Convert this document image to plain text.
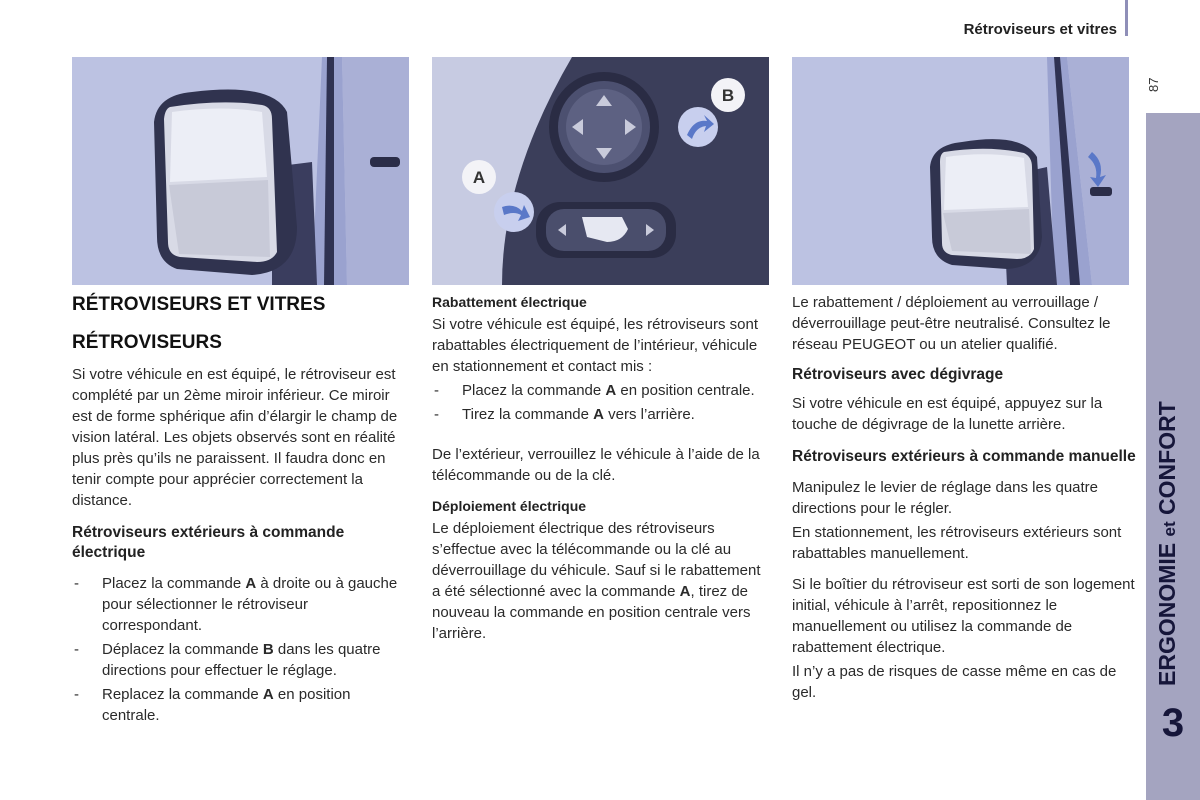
Rétroviseurs et vitres
87
ERGONOMIE et CONFORT
3
B
A
RÉTROVISEURS ET VITRES
RÉTROVISEURS

Si votre véhicule en est équipé, le rétroviseur est complété par un 2ème miroir inférieur. Ce miroir est de forme sphérique afin d’élargir le champ de vision latéral. Les objets observés sont en réalité plus près qu’ils ne paraissent. Il faudra donc en tenir compte pour apprécier correctement la distance.

Rétroviseurs extérieurs à commande électrique
- Placez la commande A à droite ou à gauche pour sélectionner le rétroviseur correspondant.
- Déplacez la commande B dans les quatre directions pour effectuer le réglage.
- Replacez la commande A en position centrale.
Rabattement électrique

Si votre véhicule est équipé, les rétroviseurs sont rabattables électriquement de l’intérieur, véhicule en stationnement et contact mis :

- Placez la commande A en position centrale.
- Tirez la commande A vers l’arrière.

De l’extérieur, verrouillez le véhicule à l’aide de la télécommande ou de la clé.

Déploiement électrique

Le déploiement électrique des rétroviseurs s’effectue avec la télécommande ou la clé au déverrouillage du véhicule. Sauf si le rabattement a été sélectionné avec la commande A, tirez de nouveau la commande en position centrale vers l’arrière.

Le rabattement / déploiement au verrouillage / déverrouillage peut-être neutralisé. Consultez le réseau PEUGEOT ou un atelier qualifié.

Rétroviseurs avec dégivrage

Si votre véhicule en est équipé, appuyez sur la touche de dégivrage de la lunette arrière.

Rétroviseurs extérieurs à commande manuelle

Manipulez le levier de réglage dans les quatre directions pour le régler.

En stationnement, les rétroviseurs extérieurs sont rabattables manuellement.

Si le boîtier du rétroviseur est sorti de son logement initial, véhicule à l’arrêt, repositionnez le manuellement ou utilisez la commande de rabattement électrique.

Il n’y a pas de risques de casse même en cas de gel.
